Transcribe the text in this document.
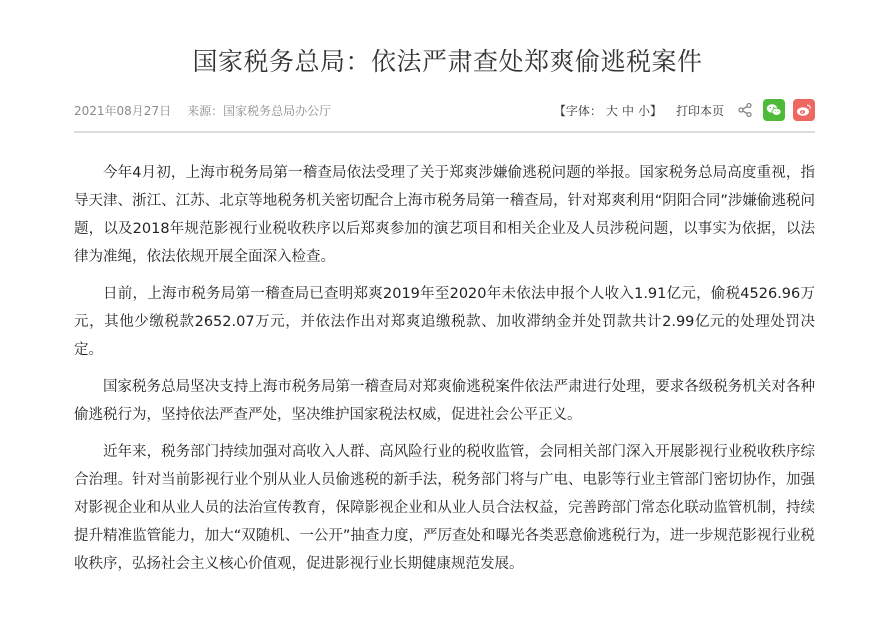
国家税务总局：依法严肃查处郑爽偷逃税案件
2021年08月27日 来源：国家税务总局办公厅	【字体： 大 中 小 】 打印本页

今年4月初，上海市税务局第一稽查局依法受理了关于郑爽涉嫌偷逃税问题的举报。国家税务总局高度重视，指导天津、浙江、江苏、北京等地税务机关密切配合上海市税务局第一稽查局，针对郑爽利用“阴阳合同”涉嫌偷逃税问题，以及2018年规范影视行业税收秩序以后郑爽参加的演艺项目和相关企业及人员涉税问题，以事实为依据，以法律为准绳，依法依规开展全面深入检查。

日前，上海市税务局第一稽查局已查明郑爽2019年至2020年未依法申报个人收入1.91亿元，偷税4526.96万元，其他少缴税款2652.07万元，并依法作出对郑爽追缴税款、加收滞纳金并处罚款共计2.99亿元的处理处罚决定。

国家税务总局坚决支持上海市税务局第一稽查局对郑爽偷逃税案件依法严肃进行处理，要求各级税务机关对各种偷逃税行为，坚持依法严查严处，坚决维护国家税法权威，促进社会公平正义。

近年来，税务部门持续加强对高收入人群、高风险行业的税收监管，会同相关部门深入开展影视行业税收秩序综合治理。针对当前影视行业个别从业人员偷逃税的新手法，税务部门将与广电、电影等行业主管部门密切协作，加强对影视企业和从业人员的法治宣传教育，保障影视企业和从业人员合法权益，完善跨部门常态化联动监管机制，持续提升精准监管能力，加大“双随机、一公开”抽查力度，严厉查处和曝光各类恶意偷逃税行为，进一步规范影视行业税收秩序，弘扬社会主义核心价值观，促进影视行业长期健康规范发展。
